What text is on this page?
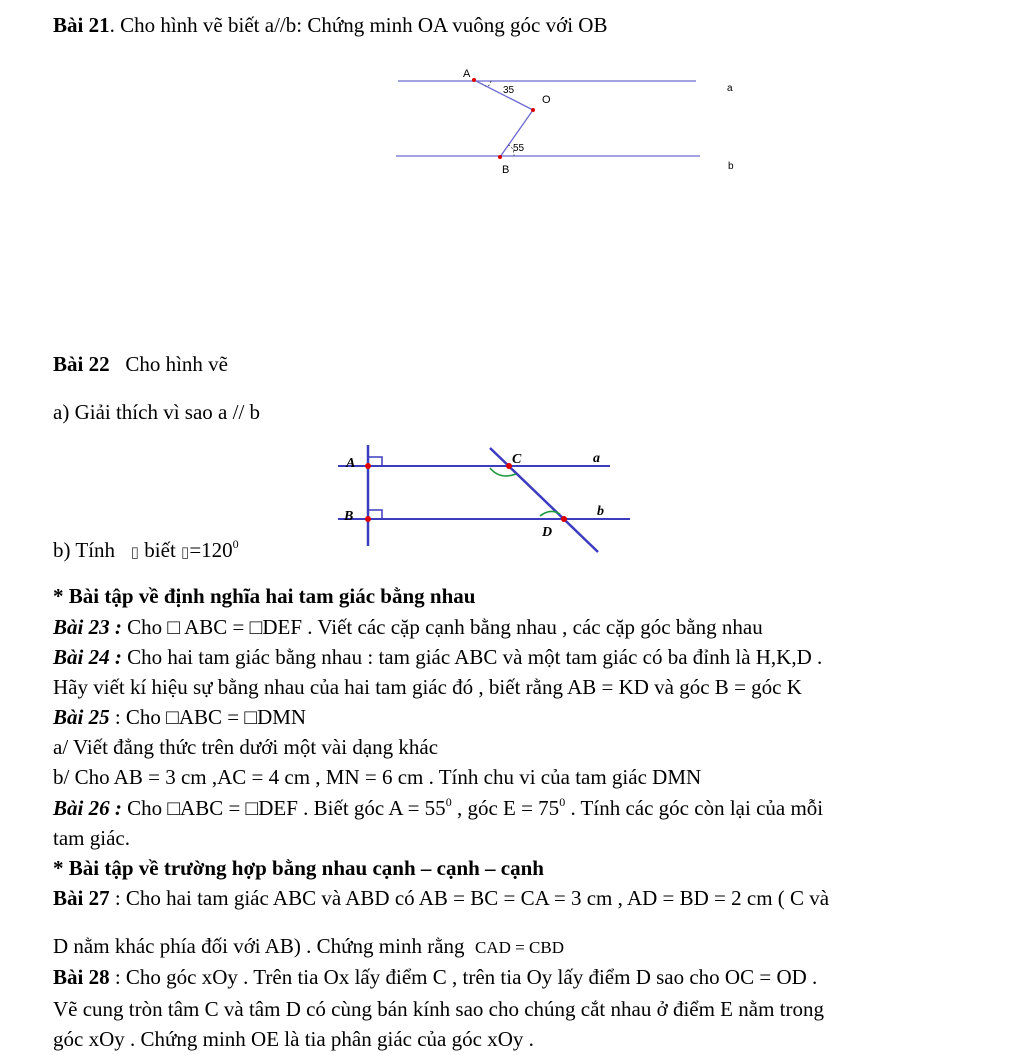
Bài 21. Cho hình vẽ biết a//b: Chứng minh OA vuông góc với OB
A
O
B
a
b
35
55
Bài 22 Cho hình vẽ
a) Giải thích vì sao a // b
A
B
C
D
a
b
b) Tính ▯ biết $▯=120^0$
* Bài tập về định nghĩa hai tam giác bằng nhau
Bài 23 : Cho □ ABC = □DEF . Viết các cặp cạnh bằng nhau , các cặp góc bằng nhau
Bài 24 : Cho hai tam giác bằng nhau : tam giác ABC và một tam giác có ba đỉnh là H,K,D .
Hãy viết kí hiệu sự bằng nhau của hai tam giác đó , biết rằng AB = KD và góc B = góc K
Bài 25 : Cho □ABC = □DMN
a/ Viết đẳng thức trên dưới một vài dạng khác
b/ Cho AB = 3 cm ,AC = 4 cm , MN = 6 cm . Tính chu vi của tam giác DMN
Bài 26 : Cho □ABC = □DEF . Biết góc $A = 55^0$ , góc $E = 75^0$ . Tính các góc còn lại của mỗi
tam giác.
* Bài tập về trường hợp bằng nhau cạnh – cạnh – cạnh
Bài 27 : Cho hai tam giác ABC và ABD có AB = BC = CA = 3 cm , AD = BD = 2 cm ( C và
D nằm khác phía đối với AB) . Chứng minh rằng CAD = CBD
Bài 28 : Cho góc xOy . Trên tia Ox lấy điểm C , trên tia Oy lấy điểm D sao cho OC = OD .
Vẽ cung tròn tâm C và tâm D có cùng bán kính sao cho chúng cắt nhau ở điểm E nằm trong
góc xOy . Chứng minh OE là tia phân giác của góc xOy .
